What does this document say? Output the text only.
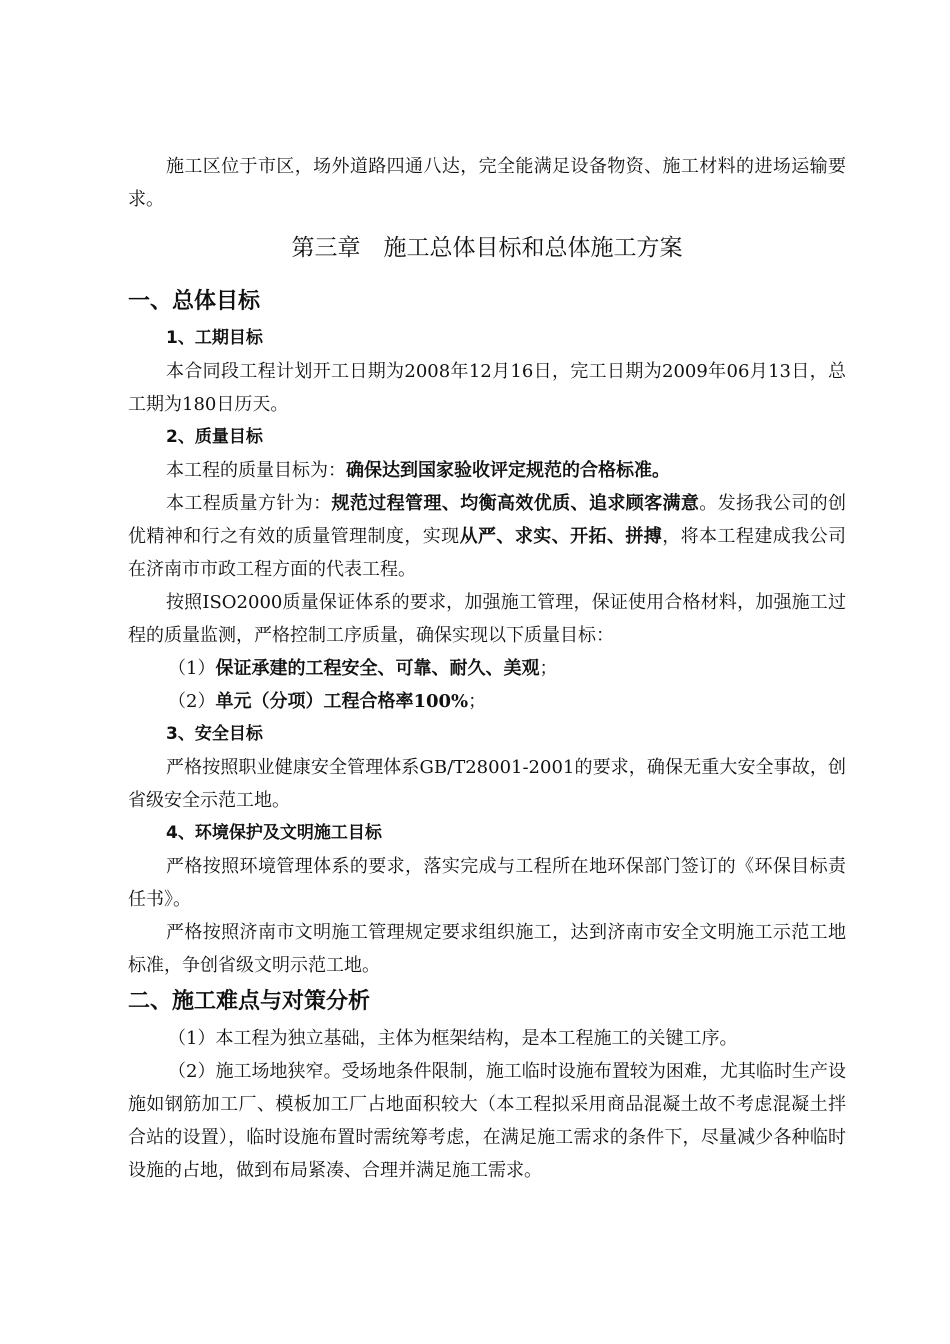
施工区位于市区，场外道路四通八达，完全能满足设备物资、施工材料的进场运输要求。

第三章　施工总体目标和总体施工方案
一、总体目标
1、工期目标

本合同段工程计划开工日期为2008年12月16日，完工日期为2009年06月13日，总工期为180日历天。

2、质量目标

本工程的质量目标为：确保达到国家验收评定规范的合格标准。

本工程质量方针为：规范过程管理、均衡高效优质、追求顾客满意。发扬我公司的创优精神和行之有效的质量管理制度，实现从严、求实、开拓、拼搏，将本工程建成我公司在济南市市政工程方面的代表工程。

按照ISO2000质量保证体系的要求，加强施工管理，保证使用合格材料，加强施工过程的质量监测，严格控制工序质量，确保实现以下质量目标：

（1）保证承建的工程安全、可靠、耐久、美观；

（2）单元（分项）工程合格率100%；

3、安全目标

严格按照职业健康安全管理体系GB/T28001-2001的要求，确保无重大安全事故，创省级安全示范工地。

4、环境保护及文明施工目标

严格按照环境管理体系的要求，落实完成与工程所在地环保部门签订的《环保目标责任书》。

严格按照济南市文明施工管理规定要求组织施工，达到济南市安全文明施工示范工地标准，争创省级文明示范工地。

二、施工难点与对策分析

（1）本工程为独立基础，主体为框架结构，是本工程施工的关键工序。

（2）施工场地狭窄。受场地条件限制，施工临时设施布置较为困难，尤其临时生产设施如钢筋加工厂、模板加工厂占地面积较大（本工程拟采用商品混凝土故不考虑混凝土拌合站的设置），临时设施布置时需统筹考虑，在满足施工需求的条件下，尽量减少各种临时设施的占地，做到布局紧凑、合理并满足施工需求。
